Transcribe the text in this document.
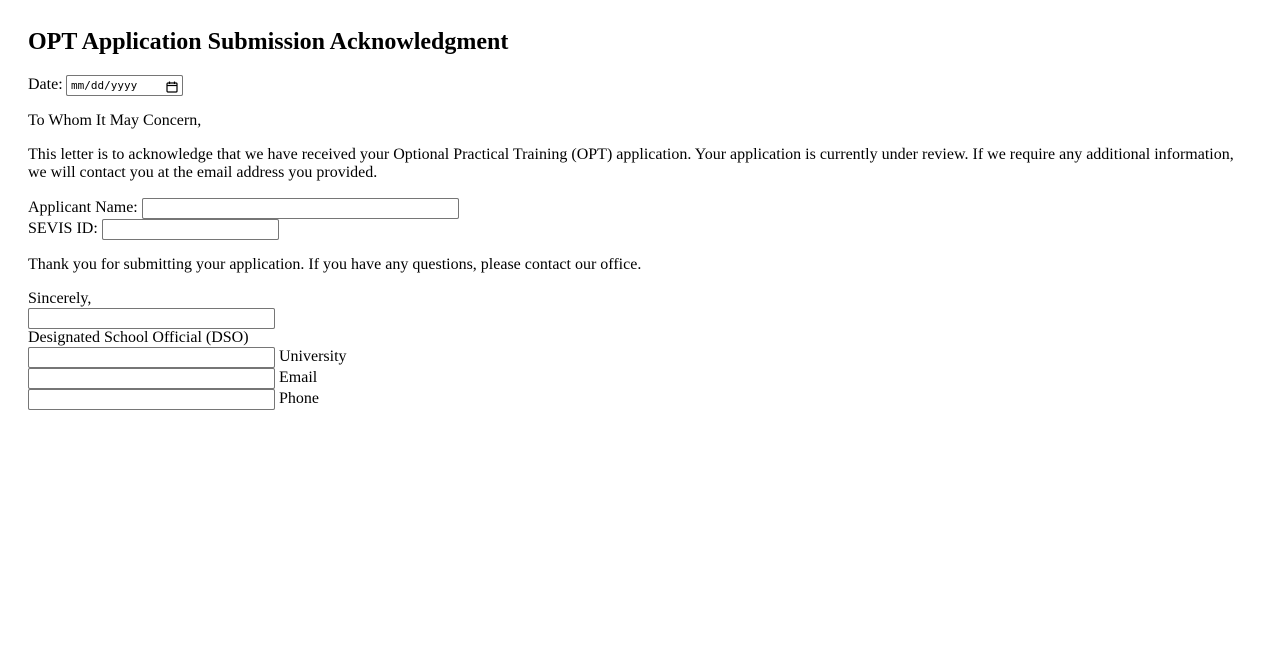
OPT Application Submission Acknowledgment
Date: mm/dd/yyyy
To Whom It May Concern,

This letter is to acknowledge that we have received your Optional Practical Training (OPT) application. Your application is currently under review. If we require any additional information, we will contact you at the email address you provided.

Applicant Name:
SEVIS ID:
Thank you for submitting your application. If you have any questions, please contact our office.
Sincerely,
Designated School Official (DSO)
University
Email
Phone
